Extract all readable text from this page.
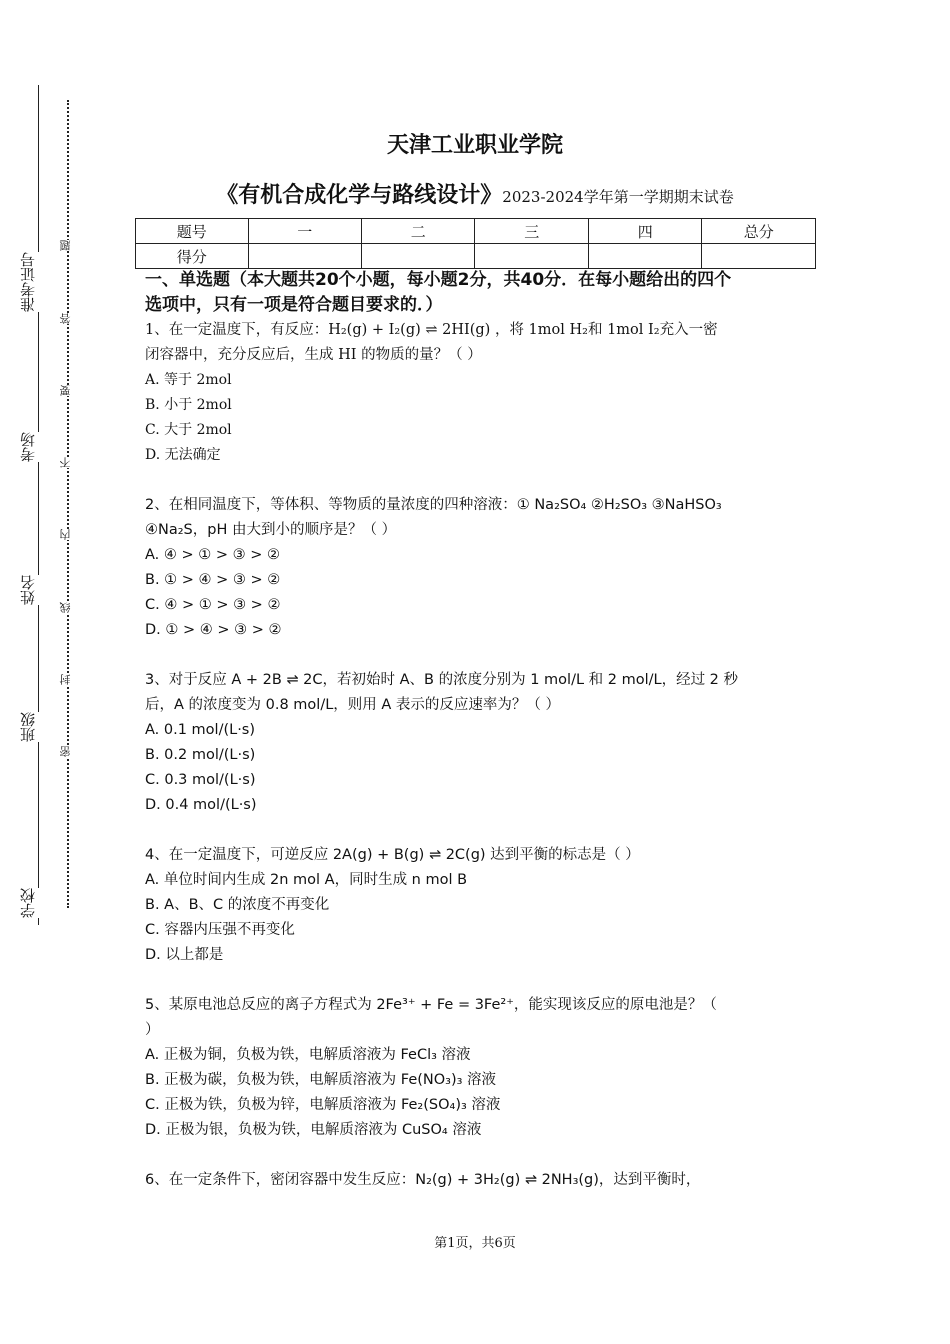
准考证号
考场
姓名
班级
学校
题
答
要
不
内
线
封
密
天津工业职业学院
《有机合成化学与路线设计》2023-2024学年第一学期期末试卷
题号	一	二	三	四	总分
得分					

一、单选题（本大题共20个小题，每小题2分，共40分．在每小题给出的四个

选项中，只有一项是符合题目要求的．）

1、在一定温度下，有反应：H₂(g) + I₂(g) ⇌ 2HI(g) ，将 1mol H₂和 1mol I₂充入一密

闭容器中，充分反应后，生成 HI 的物质的量？（ ）

A. 等于 2mol

B. 小于 2mol

C. 大于 2mol

D. 无法确定

2、在相同温度下，等体积、等物质的量浓度的四种溶液：① Na₂SO₄ ②H₂SO₃ ③NaHSO₃

④Na₂S，pH 由大到小的顺序是？（ ）

A. ④ > ① > ③ > ②

B. ① > ④ > ③ > ②

C. ④ > ① > ③ > ②

D. ① > ④ > ③ > ②

3、对于反应 A + 2B ⇌ 2C，若初始时 A、B 的浓度分别为 1 mol/L 和 2 mol/L，经过 2 秒

后，A 的浓度变为 0.8 mol/L，则用 A 表示的反应速率为？（ ）

A. 0.1 mol/(L·s)

B. 0.2 mol/(L·s)

C. 0.3 mol/(L·s)

D. 0.4 mol/(L·s)

4、在一定温度下，可逆反应 2A(g) + B(g) ⇌ 2C(g) 达到平衡的标志是（ ）

A. 单位时间内生成 2n mol A，同时生成 n mol B

B. A、B、C 的浓度不再变化

C. 容器内压强不再变化

D. 以上都是

5、某原电池总反应的离子方程式为 2Fe³⁺ + Fe = 3Fe²⁺，能实现该反应的原电池是？（

）

A. 正极为铜，负极为铁，电解质溶液为 FeCl₃ 溶液

B. 正极为碳，负极为铁，电解质溶液为 Fe(NO₃)₃ 溶液

C. 正极为铁，负极为锌，电解质溶液为 Fe₂(SO₄)₃ 溶液

D. 正极为银，负极为铁，电解质溶液为 CuSO₄ 溶液

6、在一定条件下，密闭容器中发生反应：N₂(g) + 3H₂(g) ⇌ 2NH₃(g)，达到平衡时，

第1页，共6页
